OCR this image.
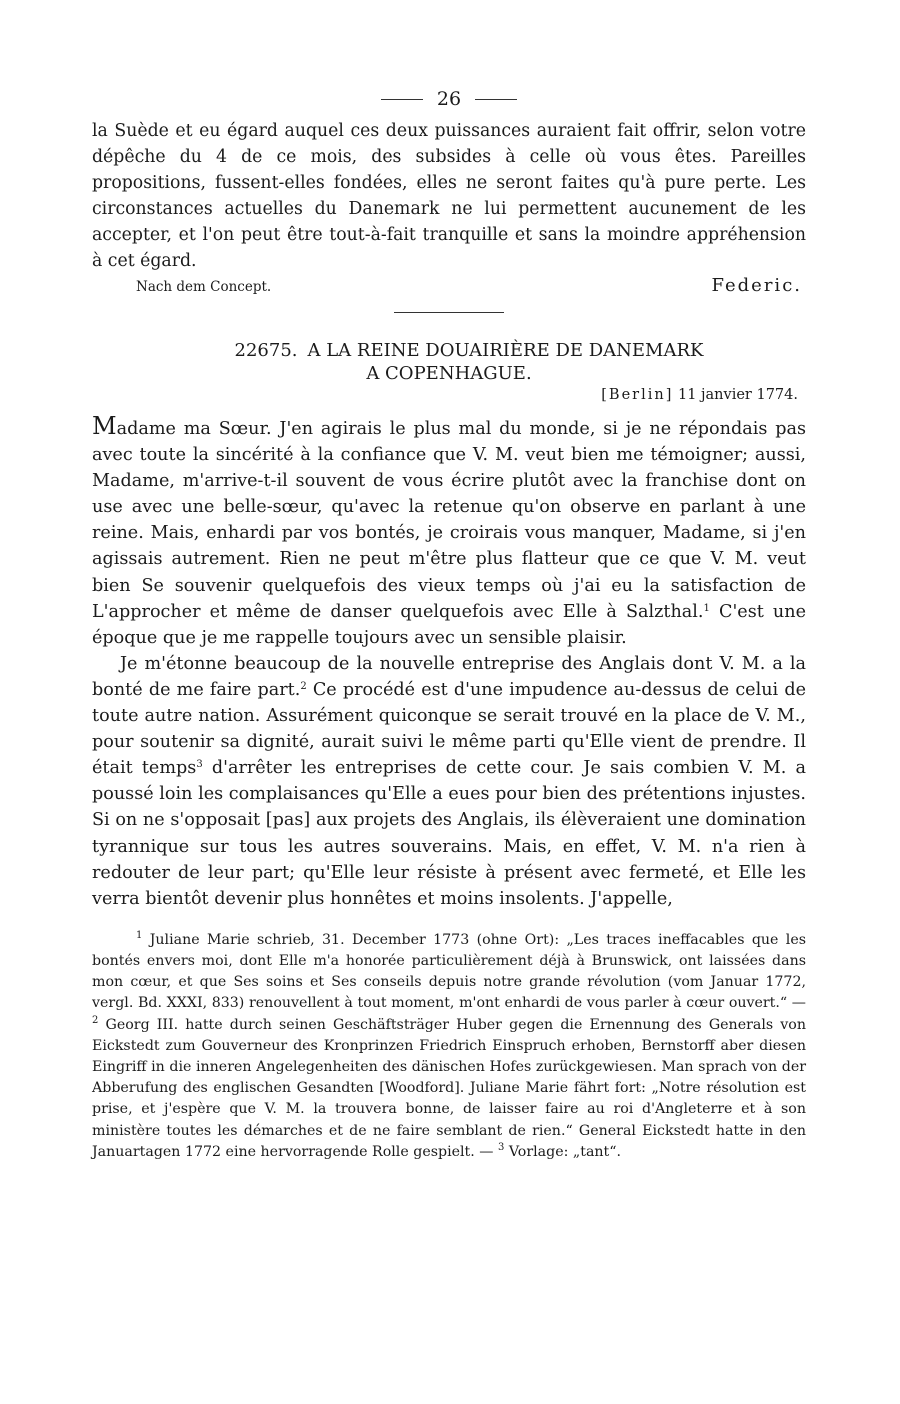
26

la Suède et eu égard auquel ces deux puissances auraient fait offrir, selon votre dépêche du 4 de ce mois, des subsides à celle où vous êtes. Pareilles propositions, fussent-elles fondées, elles ne seront faites qu'à pure perte. Les circonstances actuelles du Danemark ne lui permettent aucunement de les accepter, et l'on peut être tout-à-fait tranquille et sans la moindre appréhension à cet égard.

Nach dem Concept.	Federic.
22675. A LA REINE DOUAIRIÈRE DE DANEMARK
A COPENHAGUE.
[Berlin] 11 janvier 1774.

Madame ma Sœur. J'en agirais le plus mal du monde, si je ne répondais pas avec toute la sincérité à la confiance que V. M. veut bien me témoigner; aussi, Madame, m'arrive-t-il souvent de vous écrire plutôt avec la franchise dont on use avec une belle-sœur, qu'avec la retenue qu'on observe en parlant à une reine. Mais, enhardi par vos bontés, je croirais vous manquer, Madame, si j'en agissais autrement. Rien ne peut m'être plus flatteur que ce que V. M. veut bien Se souvenir quelquefois des vieux temps où j'ai eu la satisfaction de L'approcher et même de danser quelquefois avec Elle à Salzthal.$^1$ C'est une époque que je me rappelle toujours avec un sensible plaisir.

Je m'étonne beaucoup de la nouvelle entreprise des Anglais dont V. M. a la bonté de me faire part.$^2$ Ce procédé est d'une impudence au-dessus de celui de toute autre nation. Assurément quiconque se serait trouvé en la place de V. M., pour soutenir sa dignité, aurait suivi le même parti qu'Elle vient de prendre. Il était temps$^3$ d'arrêter les entreprises de cette cour. Je sais combien V. M. a poussé loin les complaisances qu'Elle a eues pour bien des prétentions injustes. Si on ne s'opposait [pas] aux projets des Anglais, ils élèveraient une domination tyrannique sur tous les autres souverains. Mais, en effet, V. M. n'a rien à redouter de leur part; qu'Elle leur résiste à présent avec fermeté, et Elle les verra bientôt devenir plus honnêtes et moins insolents. J'appelle,

$^1$ Juliane Marie schrieb, 31. December 1773 (ohne Ort): „Les traces ineffacables que les bontés envers moi, dont Elle m'a honorée particulièrement déjà à Brunswick, ont laissées dans mon cœur, et que Ses soins et Ses conseils depuis notre grande révolution (vom Januar 1772, vergl. Bd. XXXI, 833) renouvellent à tout moment, m'ont enhardi de vous parler à cœur ouvert.“ — $^2$ Georg III. hatte durch seinen Geschäftsträger Huber gegen die Ernennung des Generals von Eickstedt zum Gouverneur des Kronprinzen Friedrich Einspruch erhoben, Bernstorff aber diesen Eingriff in die inneren Angelegenheiten des dänischen Hofes zurückgewiesen. Man sprach von der Abberufung des englischen Gesandten [Woodford]. Juliane Marie fährt fort: „Notre résolution est prise, et j'espère que V. M. la trouvera bonne, de laisser faire au roi d'Angleterre et à son ministère toutes les démarches et de ne faire semblant de rien.“ General Eickstedt hatte in den Januartagen 1772 eine hervorragende Rolle gespielt. — $^3$ Vorlage: „tant“.
